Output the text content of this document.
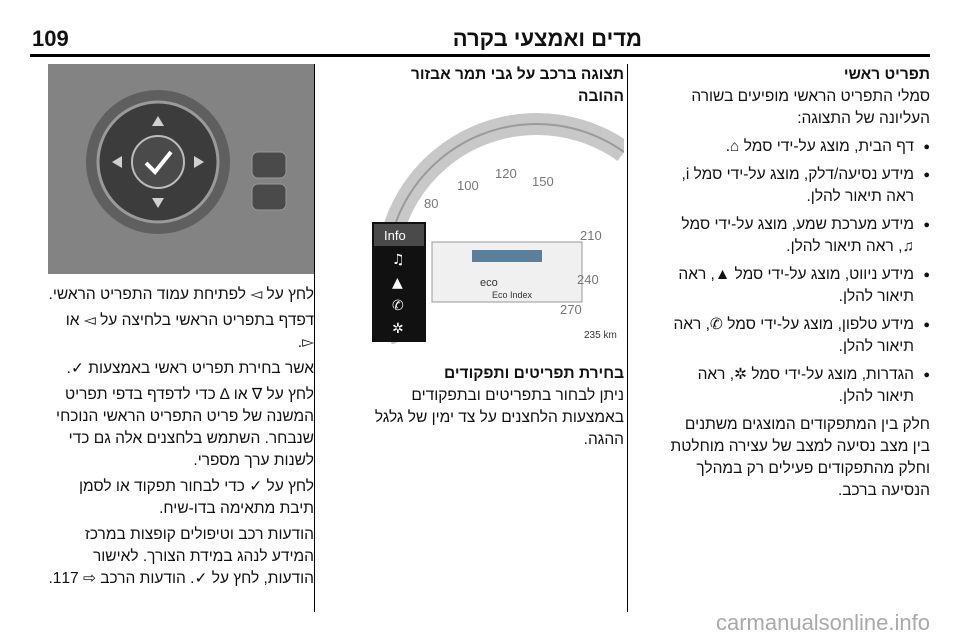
109	מדים ואמצעי בקרה
תפריט ראשי

סמלי התפריט הראשי מופיעים בשורה העליונה של התצוגה:

● דף הבית, מוצג על-ידי סמל ⌂.
● מידע נסיעה/דלק, מוצג על-ידי סמל i, ראה תיאור להלן.
● מידע מערכת שמע, מוצג על-ידי סמל ♫, ראה תיאור להלן.
● מידע ניווט, מוצג על-ידי סמל ▲, ראה תיאור להלן.
● מידע טלפון, מוצג על-ידי סמל ✆, ראה תיאור להלן.
● הגדרות, מוצג על-ידי סמל ✲, ראה תיאור להלן.

חלק בין המתפקודים המוצגים משתנים בין מצב נסיעה למצב של עצירה מוחלטת וחלק מהתפקודים פעילים רק במהלך הנסיעה ברכב.

תצוגה ברכב על גבי תמר אבזור ההובה
100
120
150
80
210
240
270
eco
Eco Index
235 km
Info
♫
▲
✆
✲
בחירת תפריטים ותפקודים

ניתן לבחור בתפריטים ובתפקודים באמצעות הלחצנים על צד ימין של גלגל ההגה.

לחץ על ◅ לפתיחת עמוד התפריט הראשי.

דפדף בתפריט הראשי בלחיצה על ◅ או ▻.

אשר בחירת תפריט ראשי באמצעות ✓.

לחץ על ∇ או ∆ כדי לדפדף בדפי תפריט המשנה של פריט התפריט הראשי הנוכחי שנבחר. השתמש בלחצנים אלה גם כדי לשנות ערך מספרי.

לחץ על ✓ כדי לבחור תפקוד או לסמן תיבת מתאימה בדו-שיח.

הודעות רכב וטיפולים קופצות במרכז המידע לנהג במידת הצורך. לאישור הודעות, לחץ על ✓. הודעות הרכב ⇨ 117.

carmanualsonline.info
